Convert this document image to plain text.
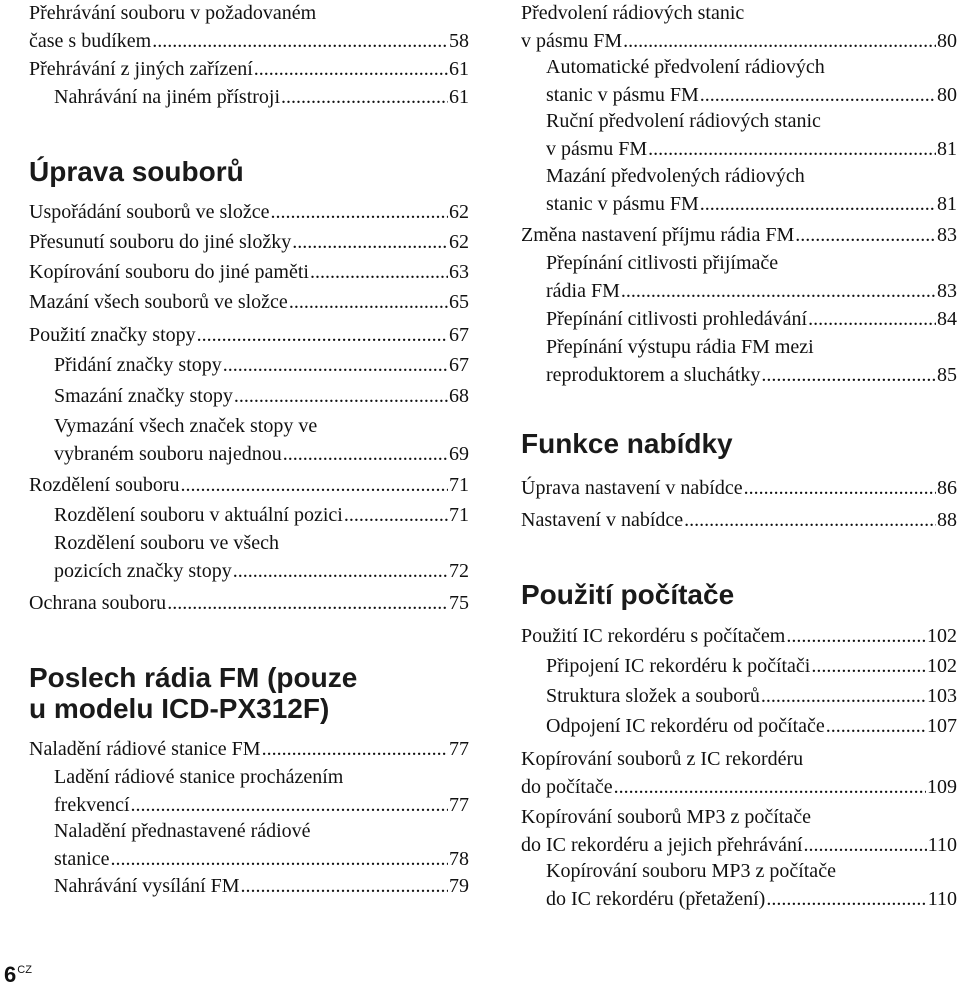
Přehrávání souboru v požadovaném
čase s budíkem .....	58
Přehrávání z jiných zařízení .....	61
Nahrávání na jiném přístroji .....	61
Úprava souborů
Uspořádání souborů ve složce .....	62
Přesunutí souboru do jiné složky .....	62
Kopírování souboru do jiné paměti .....	63
Mazání všech souborů ve složce .....	65
Použití značky stopy .....	67
Přidání značky stopy .....	67
Smazání značky stopy .....	68
Vymazání všech značek stopy ve
vybraném souboru najednou .....	69
Rozdělení souboru .....	71
Rozdělení souboru v aktuální pozici .....	71
Rozdělení souboru ve všech
pozicích značky stopy .....	72
Ochrana souboru .....	75
Poslech rádia FM (pouze
u modelu ICD-PX312F)
Naladění rádiové stanice FM .....	77
Ladění rádiové stanice procházením
frekvencí .....	77
Naladění přednastavené rádiové
stanice .....	78
Nahrávání vysílání FM .....	79
Předvolení rádiových stanic
v pásmu FM .....	80
Automatické předvolení rádiových
stanic v pásmu FM .....	80
Ruční předvolení rádiových stanic
v pásmu FM .....	81
Mazání předvolených rádiových
stanic v pásmu FM .....	81
Změna nastavení příjmu rádia FM .....	83
Přepínání citlivosti přijímače
rádia FM .....	83
Přepínání citlivosti prohledávání .....	84
Přepínání výstupu rádia FM mezi
reproduktorem a sluchátky .....	85
Funkce nabídky
Úprava nastavení v nabídce .....	86
Nastavení v nabídce .....	88
Použití počítače
Použití IC rekordéru s počítačem .....	102
Připojení IC rekordéru k počítači .....	102
Struktura složek a souborů .....	103
Odpojení IC rekordéru od počítače .....	107
Kopírování souborů z IC rekordéru
do počítače .....	109
Kopírování souborů MP3 z počítače
do IC rekordéru a jejich přehrávání .....	110
Kopírování souboru MP3 z počítače
do IC rekordéru (přetažení) .....	110
$6^{CZ}$
